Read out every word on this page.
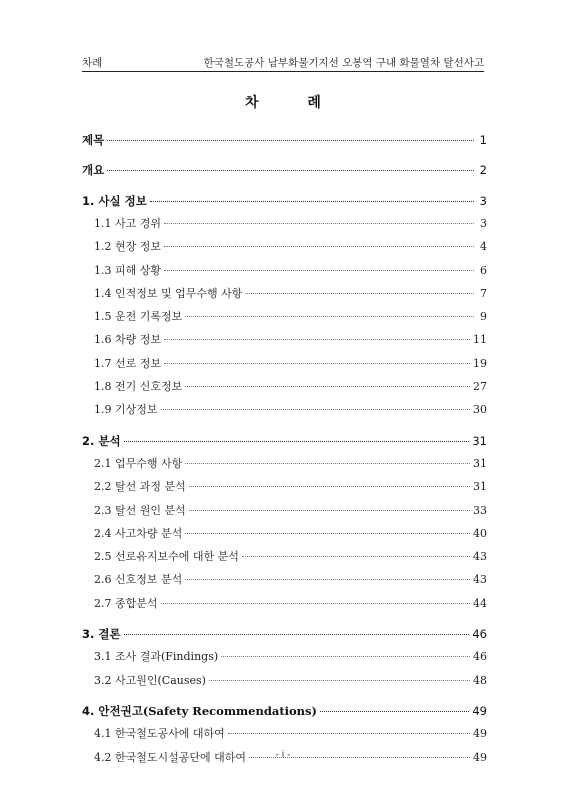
차례	한국철도공사 남부화물기지선 오봉역 구내 화물열차 탈선사고
차 례
제목	1
개요	2
1. 사실 정보	3
1.1 사고 경위	3
1.2 현장 정보	4
1.3 피해 상황	6
1.4 인적정보 및 업무수행 사항	7
1.5 운전 기록정보	9
1.6 차량 정보	11
1.7 선로 정보	19
1.8 전기 신호정보	27
1.9 기상정보	30
2. 분석	31
2.1 업무수행 사항	31
2.2 탈선 과정 분석	31
2.3 탈선 원인 분석	33
2.4 사고차량 분석	40
2.5 선로유지보수에 대한 분석	43
2.6 신호정보 분석	43
2.7 종합분석	44
3. 결론	46
3.1 조사 결과(Findings)	46
3.2 사고원인(Causes)	48
4. 안전권고 (Safety Recommendations)	49
4.1 한국철도공사에 대하여	49
4.2 한국철도시설공단에 대하여	49
- i -
